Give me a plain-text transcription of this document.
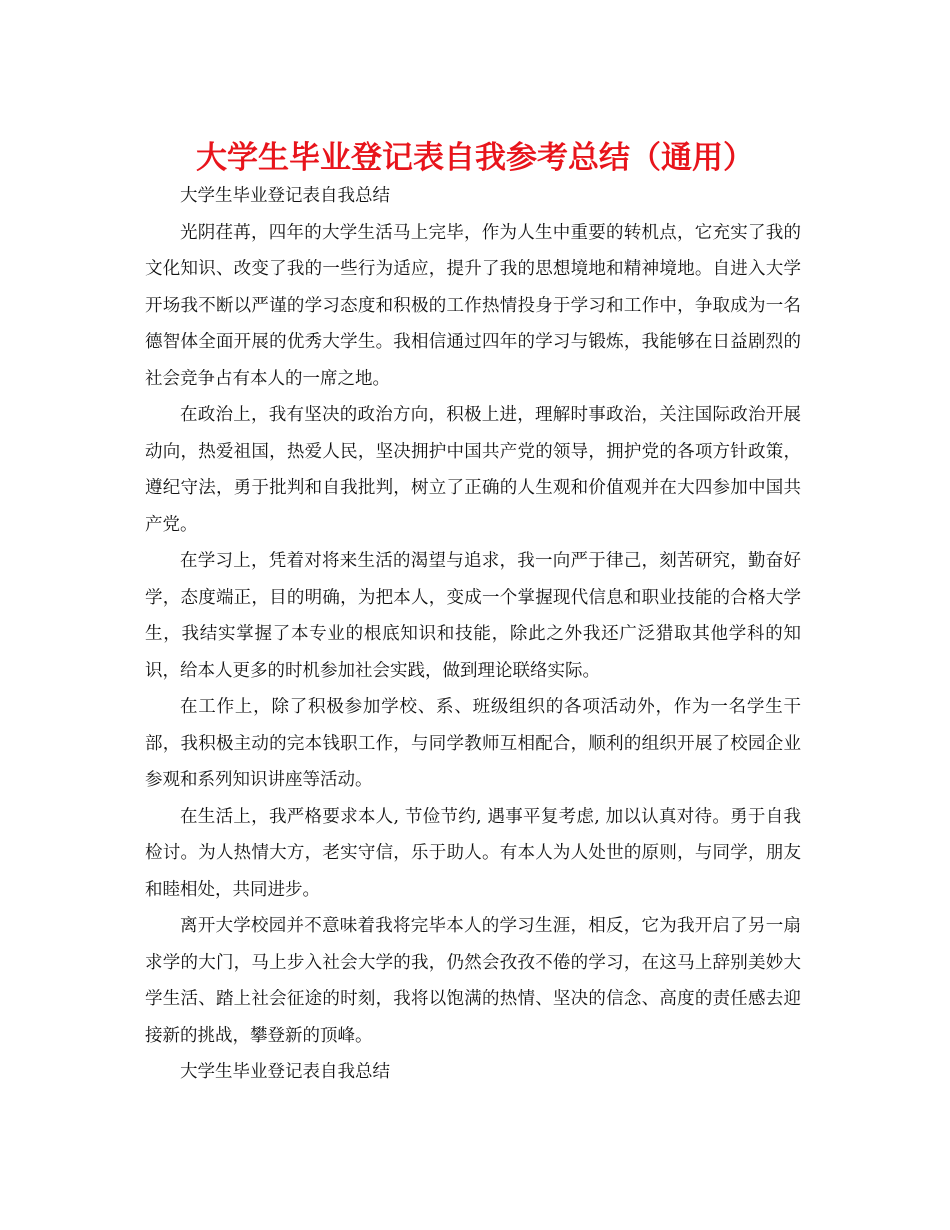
大学生毕业登记表自我参考总结（通用）

大学生毕业登记表自我总结

光阴荏苒，四年的大学生活马上完毕，作为人生中重要的转机点，它充实了我的文化知识、改变了我的一些行为适应，提升了我的思想境地和精神境地。自进入大学开场我不断以严谨的学习态度和积极的工作热情投身于学习和工作中，争取成为一名德智体全面开展的优秀大学生。我相信通过四年的学习与锻炼，我能够在日益剧烈的社会竞争占有本人的一席之地。

在政治上，我有坚决的政治方向，积极上进，理解时事政治，关注国际政治开展动向，热爱祖国，热爱人民，坚决拥护中国共产党的领导，拥护党的各项方针政策，遵纪守法，勇于批判和自我批判，树立了正确的人生观和价值观并在大四参加中国共产党。

在学习上，凭着对将来生活的渴望与追求，我一向严于律己，刻苦研究，勤奋好学，态度端正，目的明确，为把本人，变成一个掌握现代信息和职业技能的合格大学生，我结实掌握了本专业的根底知识和技能，除此之外我还广泛猎取其他学科的知识，给本人更多的时机参加社会实践，做到理论联络实际。

在工作上，除了积极参加学校、系、班级组织的各项活动外，作为一名学生干部，我积极主动的完本钱职工作，与同学教师互相配合，顺利的组织开展了校园企业参观和系列知识讲座等活动。

在生活上，我严格要求本人, 节俭节约, 遇事平复考虑, 加以认真对待。勇于自我检讨。为人热情大方，老实守信，乐于助人。有本人为人处世的原则，与同学，朋友和睦相处，共同进步。

离开大学校园并不意味着我将完毕本人的学习生涯，相反，它为我开启了另一扇求学的大门，马上步入社会大学的我，仍然会孜孜不倦的学习，在这马上辞别美妙大学生活、踏上社会征途的时刻，我将以饱满的热情、坚决的信念、高度的责任感去迎接新的挑战，攀登新的顶峰。

大学生毕业登记表自我总结
